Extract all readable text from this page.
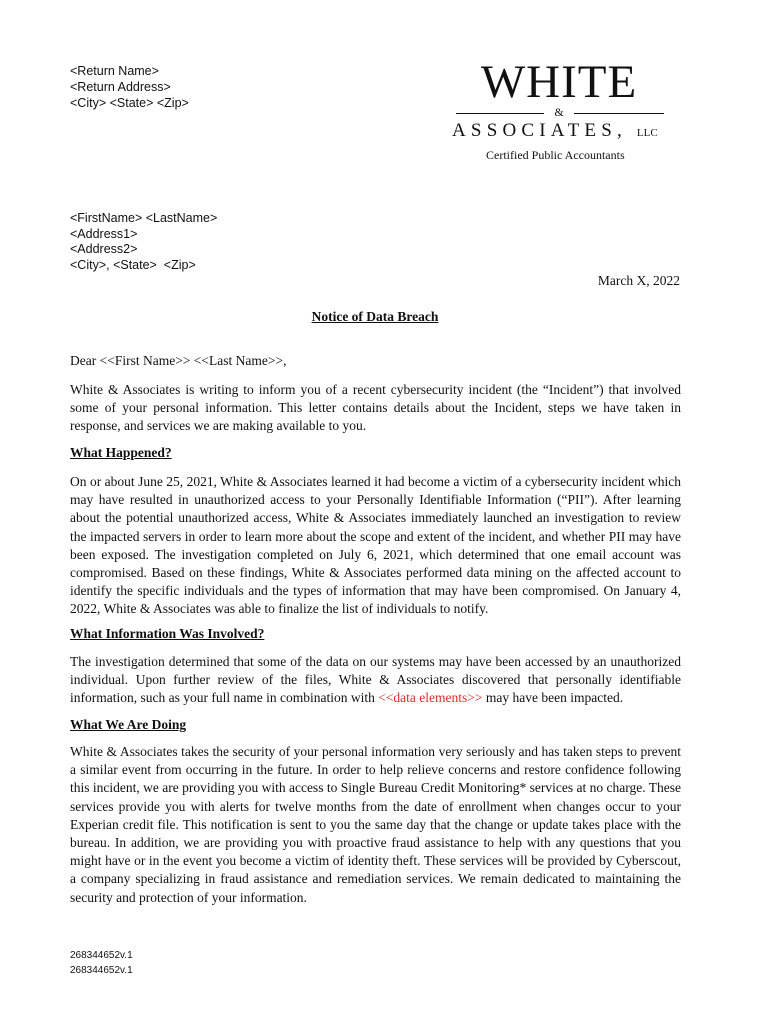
<Return Name>
<Return Address>
<City> <State> <Zip>	WHITE
&
ASSOCIATES, LLC
Certified Public Accountants
<FirstName> <LastName>
<Address1>
<Address2>
<City>, <State>  <Zip>
March X, 2022
Notice of Data Breach
Dear <<First Name>> <<Last Name>>,

White & Associates is writing to inform you of a recent cybersecurity incident (the “Incident”) that involved some of your personal information. This letter contains details about the Incident, steps we have taken in response, and services we are making available to you.

What Happened?

On or about June 25, 2021, White & Associates learned it had become a victim of a cybersecurity incident which may have resulted in unauthorized access to your Personally Identifiable Information (“PII”). After learning about the potential unauthorized access, White & Associates immediately launched an investigation to review the impacted servers in order to learn more about the scope and extent of the incident, and whether PII may have been exposed. The investigation completed on July 6, 2021, which determined that one email account was compromised. Based on these findings, White & Associates performed data mining on the affected account to identify the specific individuals and the types of information that may have been compromised. On January 4, 2022, White & Associates was able to finalize the list of individuals to notify.

What Information Was Involved?

The investigation determined that some of the data on our systems may have been accessed by an unauthorized individual. Upon further review of the files, White & Associates discovered that personally identifiable information, such as your full name in combination with <<data elements>> may have been impacted.

What We Are Doing

White & Associates takes the security of your personal information very seriously and has taken steps to prevent a similar event from occurring in the future. In order to help relieve concerns and restore confidence following this incident, we are providing you with access to Single Bureau Credit Monitoring* services at no charge. These services provide you with alerts for twelve months from the date of enrollment when changes occur to your Experian credit file. This notification is sent to you the same day that the change or update takes place with the bureau. In addition, we are providing you with proactive fraud assistance to help with any questions that you might have or in the event you become a victim of identity theft. These services will be provided by Cyberscout, a company specializing in fraud assistance and remediation services. We remain dedicated to maintaining the security and protection of your information.

268344652v.1
268344652v.1
